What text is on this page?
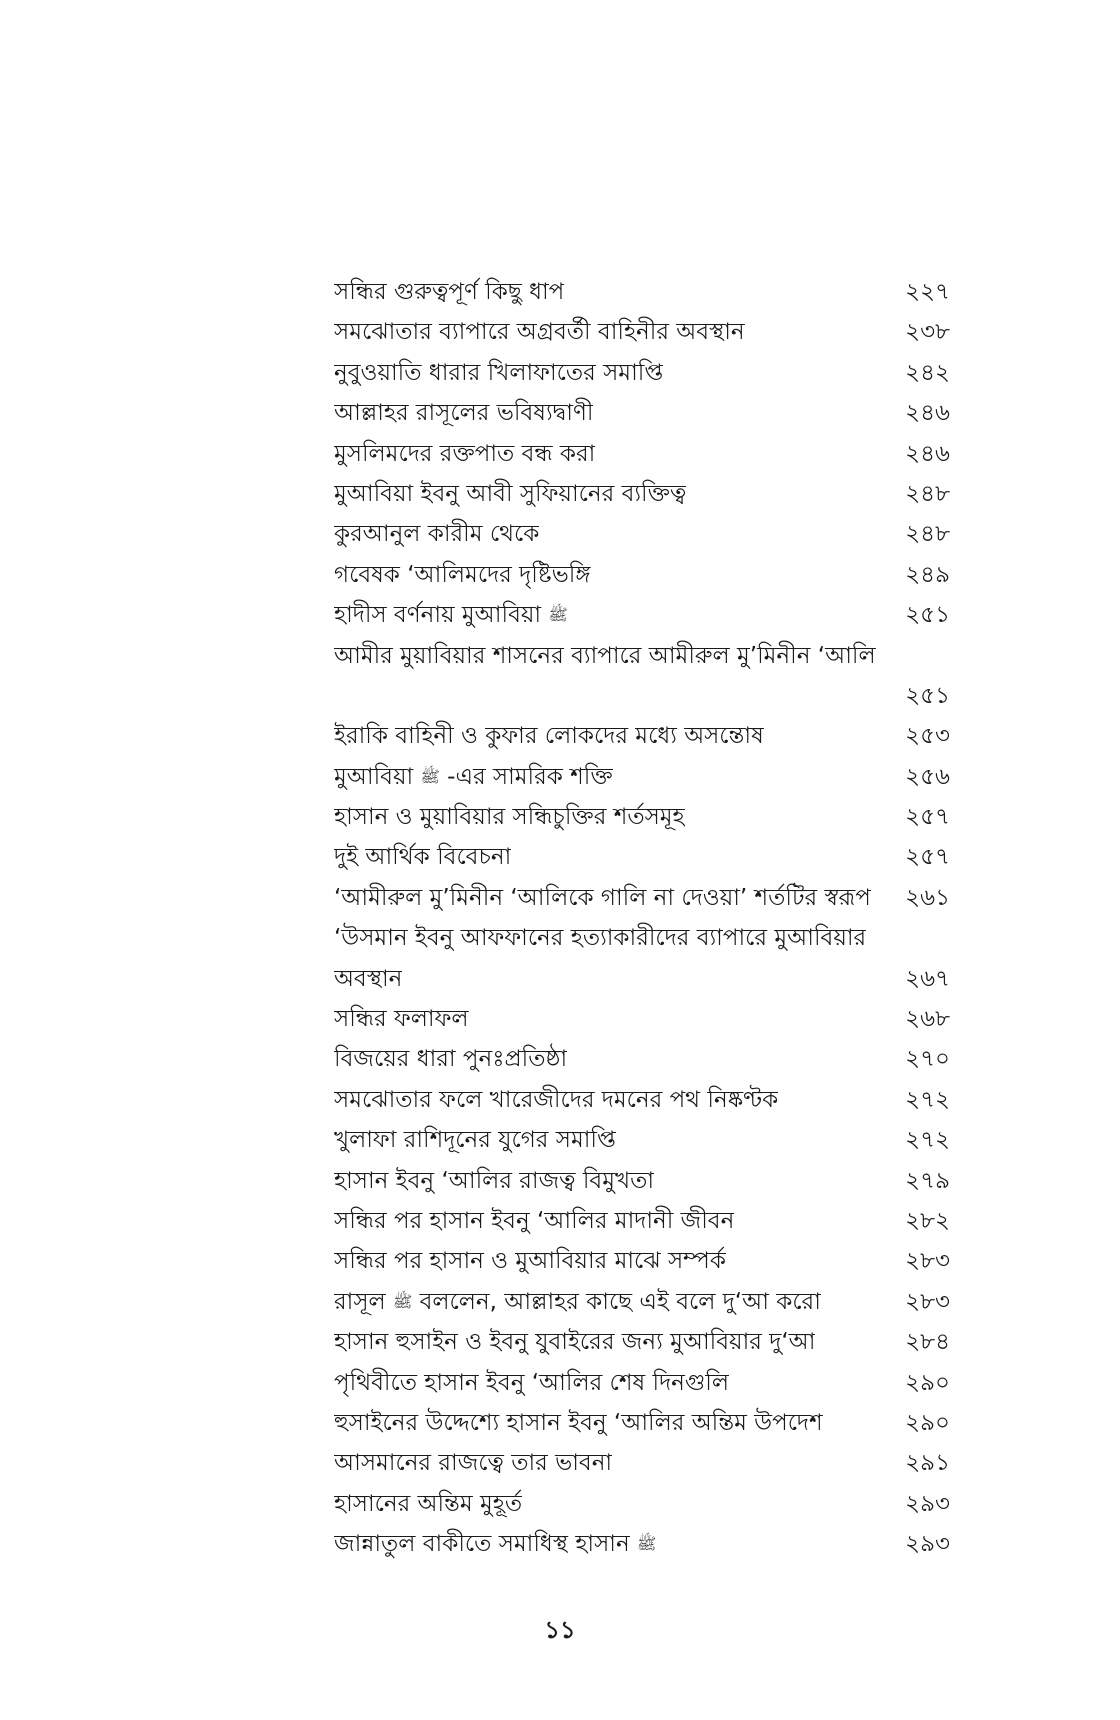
সন্ধির গুরুত্বপূর্ণ কিছু ধাপ	২২৭
সমঝোতার ব্যাপারে অগ্রবর্তী বাহিনীর অবস্থান	২৩৮
নুবুওয়াতি ধারার খিলাফাতের সমাপ্তি	২৪২
আল্লাহর রাসূলের ভবিষ্যদ্বাণী	২৪৬
মুসলিমদের রক্তপাত বন্ধ করা	২৪৬
মুআবিয়া ইবনু আবী সুফিয়ানের ব্যক্তিত্ব	২৪৮
কুরআনুল কারীম থেকে	২৪৮
গবেষক ‘আলিমদের দৃষ্টিভঙ্গি	২৪৯
হাদীস বর্ণনায় মুআবিয়া ﷺ	২৫১
আমীর মুয়াবিয়ার শাসনের ব্যাপারে আমীরুল মু’মিনীন ‘আলি
২৫১
ইরাকি বাহিনী ও কুফার লোকদের মধ্যে অসন্তোষ	২৫৩
মুআবিয়া ﷺ -এর সামরিক শক্তি	২৫৬
হাসান ও মুয়াবিয়ার সন্ধিচুক্তির শর্তসমূহ	২৫৭
দুই আর্থিক বিবেচনা	২৫৭
‘আমীরুল মু’মিনীন ‘আলিকে গালি না দেওয়া’ শর্তটির স্বরূপ ২৬১
‘উসমান ইবনু আফফানের হত্যাকারীদের ব্যাপারে মুআবিয়ার
অবস্থান	২৬৭
সন্ধির ফলাফল	২৬৮
বিজয়ের ধারা পুনঃপ্রতিষ্ঠা	২৭০
সমঝোতার ফলে খারেজীদের দমনের পথ নিষ্কণ্টক	২৭২
খুলাফা রাশিদূনের যুগের সমাপ্তি	২৭২
হাসান ইবনু ‘আলির রাজত্ব বিমুখতা	২৭৯
সন্ধির পর হাসান ইবনু ‘আলির মাদানী জীবন	২৮২
সন্ধির পর হাসান ও মুআবিয়ার মাঝে সম্পর্ক	২৮৩
রাসূল ﷺ বললেন, আল্লাহর কাছে এই বলে দু‘আ করো	২৮৩
হাসান হুসাইন ও ইবনু যুবাইরের জন্য মুআবিয়ার দু‘আ	২৮৪
পৃথিবীতে হাসান ইবনু ‘আলির শেষ দিনগুলি	২৯০
হুসাইনের উদ্দেশ্যে হাসান ইবনু ‘আলির অন্তিম উপদেশ	২৯০
আসমানের রাজত্বে তার ভাবনা	২৯১
হাসানের অন্তিম মুহূর্ত	২৯৩
জান্নাতুল বাকীতে সমাধিস্থ হাসান ﷺ	২৯৩
১১
